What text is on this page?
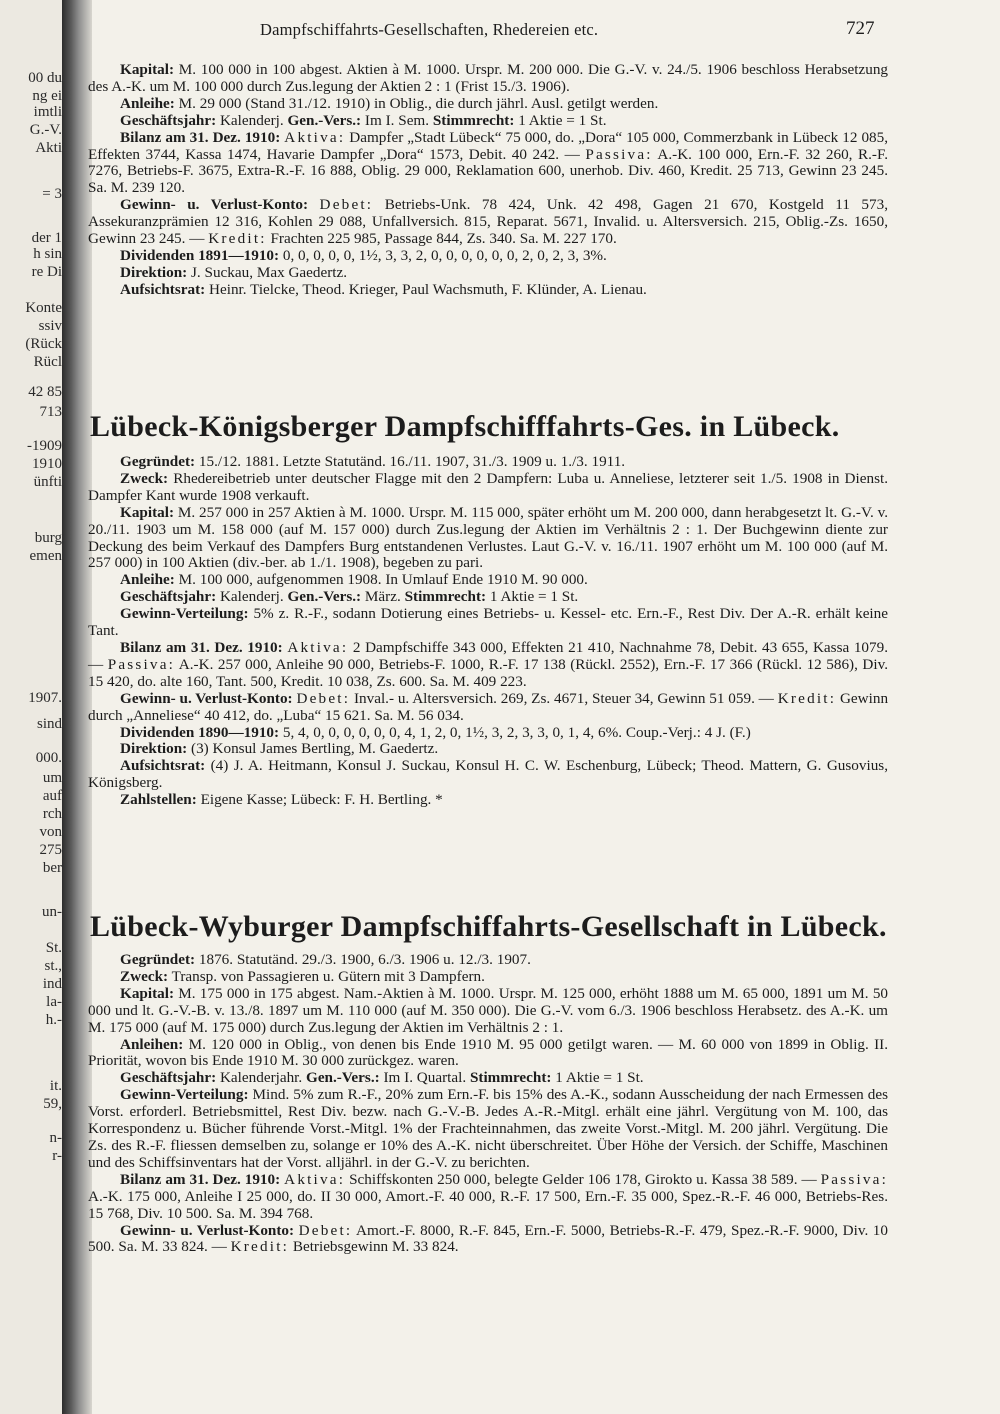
00 du
ng ei
imtli
G.-V.
Akti
= 3
der 1
h sin
re Di
Konte
ssiv
(Rück
Rücl
42 85
713
-1909
1910
ünfti
burg
emen
1907.
sind
000.
um
auf
rch
von
275
ber
un-
St.
st.,
ind
la-
h.-
it.
59,
n-
r-
Dampfschiffahrts-Gesellschaften, Rhedereien etc.	727

Kapital: M. 100 000 in 100 abgest. Aktien à M. 1000. Urspr. M. 200 000. Die G.-V. v. 24./5. 1906 beschloss Herabsetzung des A.-K. um M. 100 000 durch Zus.legung der Aktien 2 : 1 (Frist 15./3. 1906).

Anleihe: M. 29 000 (Stand 31./12. 1910) in Oblig., die durch jährl. Ausl. getilgt werden.

Geschäftsjahr: Kalenderj. Gen.-Vers.: Im I. Sem. Stimmrecht: 1 Aktie = 1 St.

Bilanz am 31. Dez. 1910: Aktiva: Dampfer „Stadt Lübeck“ 75 000, do. „Dora“ 105 000, Commerzbank in Lübeck 12 085, Effekten 3744, Kassa 1474, Havarie Dampfer „Dora“ 1573, Debit. 40 242. — Passiva: A.-K. 100 000, Ern.-F. 32 260, R.-F. 7276, Betriebs-F. 3675, Extra-R.-F. 16 888, Oblig. 29 000, Reklamation 600, unerhob. Div. 460, Kredit. 25 713, Gewinn 23 245. Sa. M. 239 120.

Gewinn- u. Verlust-Konto: Debet: Betriebs-Unk. 78 424, Unk. 42 498, Gagen 21 670, Kostgeld 11 573, Assekuranzprämien 12 316, Kohlen 29 088, Unfallversich. 815, Reparat. 5671, Invalid. u. Altersversich. 215, Oblig.-Zs. 1650, Gewinn 23 245. — Kredit: Frachten 225 985, Passage 844, Zs. 340. Sa. M. 227 170.

Dividenden 1891—1910: 0, 0, 0, 0, 0, 1½, 3, 3, 2, 0, 0, 0, 0, 0, 0, 2, 0, 2, 3, 3%.

Direktion: J. Suckau, Max Gaedertz.

Aufsichtsrat: Heinr. Tielcke, Theod. Krieger, Paul Wachsmuth, F. Klünder, A. Lienau.

Lübeck-Königsberger Dampfschifffahrts-Ges. in Lübeck.

Gegründet: 15./12. 1881. Letzte Statutänd. 16./11. 1907, 31./3. 1909 u. 1./3. 1911.

Zweck: Rhedereibetrieb unter deutscher Flagge mit den 2 Dampfern: Luba u. Anneliese, letzterer seit 1./5. 1908 in Dienst. Dampfer Kant wurde 1908 verkauft.

Kapital: M. 257 000 in 257 Aktien à M. 1000. Urspr. M. 115 000, später erhöht um M. 200 000, dann herabgesetzt lt. G.-V. v. 20./11. 1903 um M. 158 000 (auf M. 157 000) durch Zus.legung der Aktien im Verhältnis 2 : 1. Der Buchgewinn diente zur Deckung des beim Verkauf des Dampfers Burg entstandenen Verlustes. Laut G.-V. v. 16./11. 1907 erhöht um M. 100 000 (auf M. 257 000) in 100 Aktien (div.-ber. ab 1./1. 1908), begeben zu pari.

Anleihe: M. 100 000, aufgenommen 1908. In Umlauf Ende 1910 M. 90 000.

Geschäftsjahr: Kalenderj. Gen.-Vers.: März. Stimmrecht: 1 Aktie = 1 St.

Gewinn-Verteilung: 5% z. R.-F., sodann Dotierung eines Betriebs- u. Kessel- etc. Ern.-F., Rest Div. Der A.-R. erhält keine Tant.

Bilanz am 31. Dez. 1910: Aktiva: 2 Dampfschiffe 343 000, Effekten 21 410, Nachnahme 78, Debit. 43 655, Kassa 1079. — Passiva: A.-K. 257 000, Anleihe 90 000, Betriebs-F. 1000, R.-F. 17 138 (Rückl. 2552), Ern.-F. 17 366 (Rückl. 12 586), Div. 15 420, do. alte 160, Tant. 500, Kredit. 10 038, Zs. 600. Sa. M. 409 223.

Gewinn- u. Verlust-Konto: Debet: Inval.- u. Altersversich. 269, Zs. 4671, Steuer 34, Gewinn 51 059. — Kredit: Gewinn durch „Anneliese“ 40 412, do. „Luba“ 15 621. Sa. M. 56 034.

Dividenden 1890—1910: 5, 4, 0, 0, 0, 0, 0, 0, 4, 1, 2, 0, 1½, 3, 2, 3, 3, 0, 1, 4, 6%. Coup.-Verj.: 4 J. (F.)

Direktion: (3) Konsul James Bertling, M. Gaedertz.

Aufsichtsrat: (4) J. A. Heitmann, Konsul J. Suckau, Konsul H. C. W. Eschenburg, Lübeck; Theod. Mattern, G. Gusovius, Königsberg.

Zahlstellen: Eigene Kasse; Lübeck: F. H. Bertling. *

Lübeck-Wyburger Dampfschiffahrts-Gesellschaft in Lübeck.

Gegründet: 1876. Statutänd. 29./3. 1900, 6./3. 1906 u. 12./3. 1907.

Zweck: Transp. von Passagieren u. Gütern mit 3 Dampfern.

Kapital: M. 175 000 in 175 abgest. Nam.-Aktien à M. 1000. Urspr. M. 125 000, erhöht 1888 um M. 65 000, 1891 um M. 50 000 und lt. G.-V.-B. v. 13./8. 1897 um M. 110 000 (auf M. 350 000). Die G.-V. vom 6./3. 1906 beschloss Herabsetz. des A.-K. um M. 175 000 (auf M. 175 000) durch Zus.legung der Aktien im Verhältnis 2 : 1.

Anleihen: M. 120 000 in Oblig., von denen bis Ende 1910 M. 95 000 getilgt waren. — M. 60 000 von 1899 in Oblig. II. Priorität, wovon bis Ende 1910 M. 30 000 zurückgez. waren.

Geschäftsjahr: Kalenderjahr. Gen.-Vers.: Im I. Quartal. Stimmrecht: 1 Aktie = 1 St.

Gewinn-Verteilung: Mind. 5% zum R.-F., 20% zum Ern.-F. bis 15% des A.-K., sodann Ausscheidung der nach Ermessen des Vorst. erforderl. Betriebsmittel, Rest Div. bezw. nach G.-V.-B. Jedes A.-R.-Mitgl. erhält eine jährl. Vergütung von M. 100, das Korrespondenz u. Bücher führende Vorst.-Mitgl. 1% der Frachteinnahmen, das zweite Vorst.-Mitgl. M. 200 jährl. Vergütung. Die Zs. des R.-F. fliessen demselben zu, solange er 10% des A.-K. nicht überschreitet. Über Höhe der Versich. der Schiffe, Maschinen und des Schiffsinventars hat der Vorst. alljährl. in der G.-V. zu berichten.

Bilanz am 31. Dez. 1910: Aktiva: Schiffskonten 250 000, belegte Gelder 106 178, Girokto u. Kassa 38 589. — Passiva: A.-K. 175 000, Anleihe I 25 000, do. II 30 000, Amort.-F. 40 000, R.-F. 17 500, Ern.-F. 35 000, Spez.-R.-F. 46 000, Betriebs-Res. 15 768, Div. 10 500. Sa. M. 394 768.

Gewinn- u. Verlust-Konto: Debet: Amort.-F. 8000, R.-F. 845, Ern.-F. 5000, Betriebs-R.-F. 479, Spez.-R.-F. 9000, Div. 10 500. Sa. M. 33 824. — Kredit: Betriebsgewinn M. 33 824.
